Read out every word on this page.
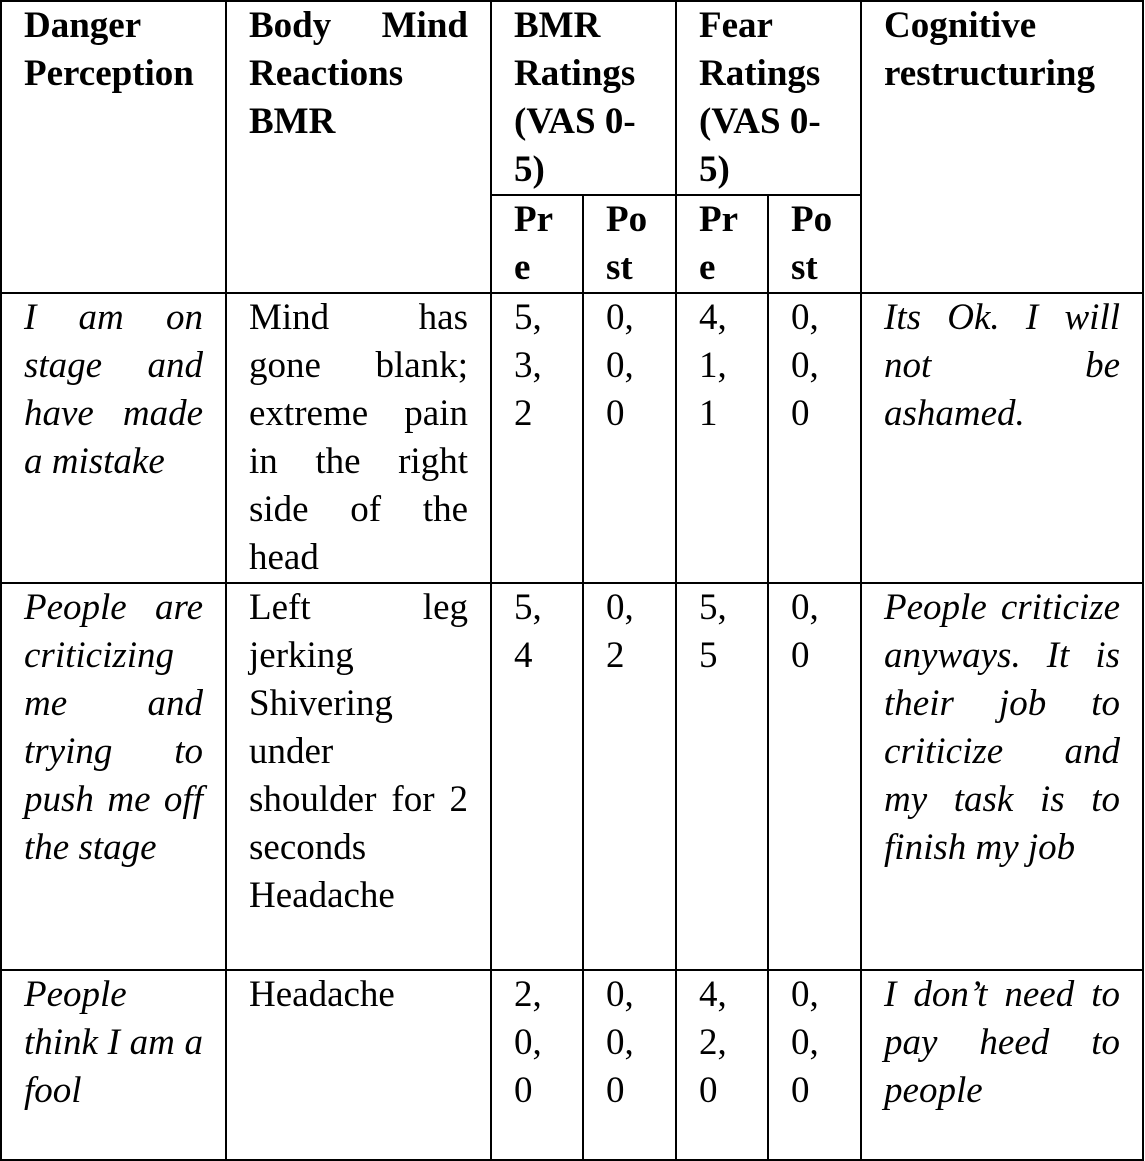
Danger Perception	Body Mind Reactions BMR	BMR Ratings (VAS 0-5)		Fear Ratings (VAS 0-5)		Cognitive restructuring
		Pre	Post	Pre	Post	
I am on stage and have made a mistake	Mind has gone blank; extreme pain in the right side of the head	5, 3, 2	0, 0, 0	4, 1, 1	0, 0, 0	Its Ok. I will not be ashamed.
People are criticizing me and trying to push me off the stage	Left leg jerking Shivering under shoulder for 2 seconds Headache	5, 4	0, 2	5, 5	0, 0	People criticize anyways. It is their job to criticize and my task is to finish my job
People think I am a fool	Headache	2, 0, 0	0, 0, 0	4, 2, 0	0, 0, 0	I don’t need to pay heed to people
